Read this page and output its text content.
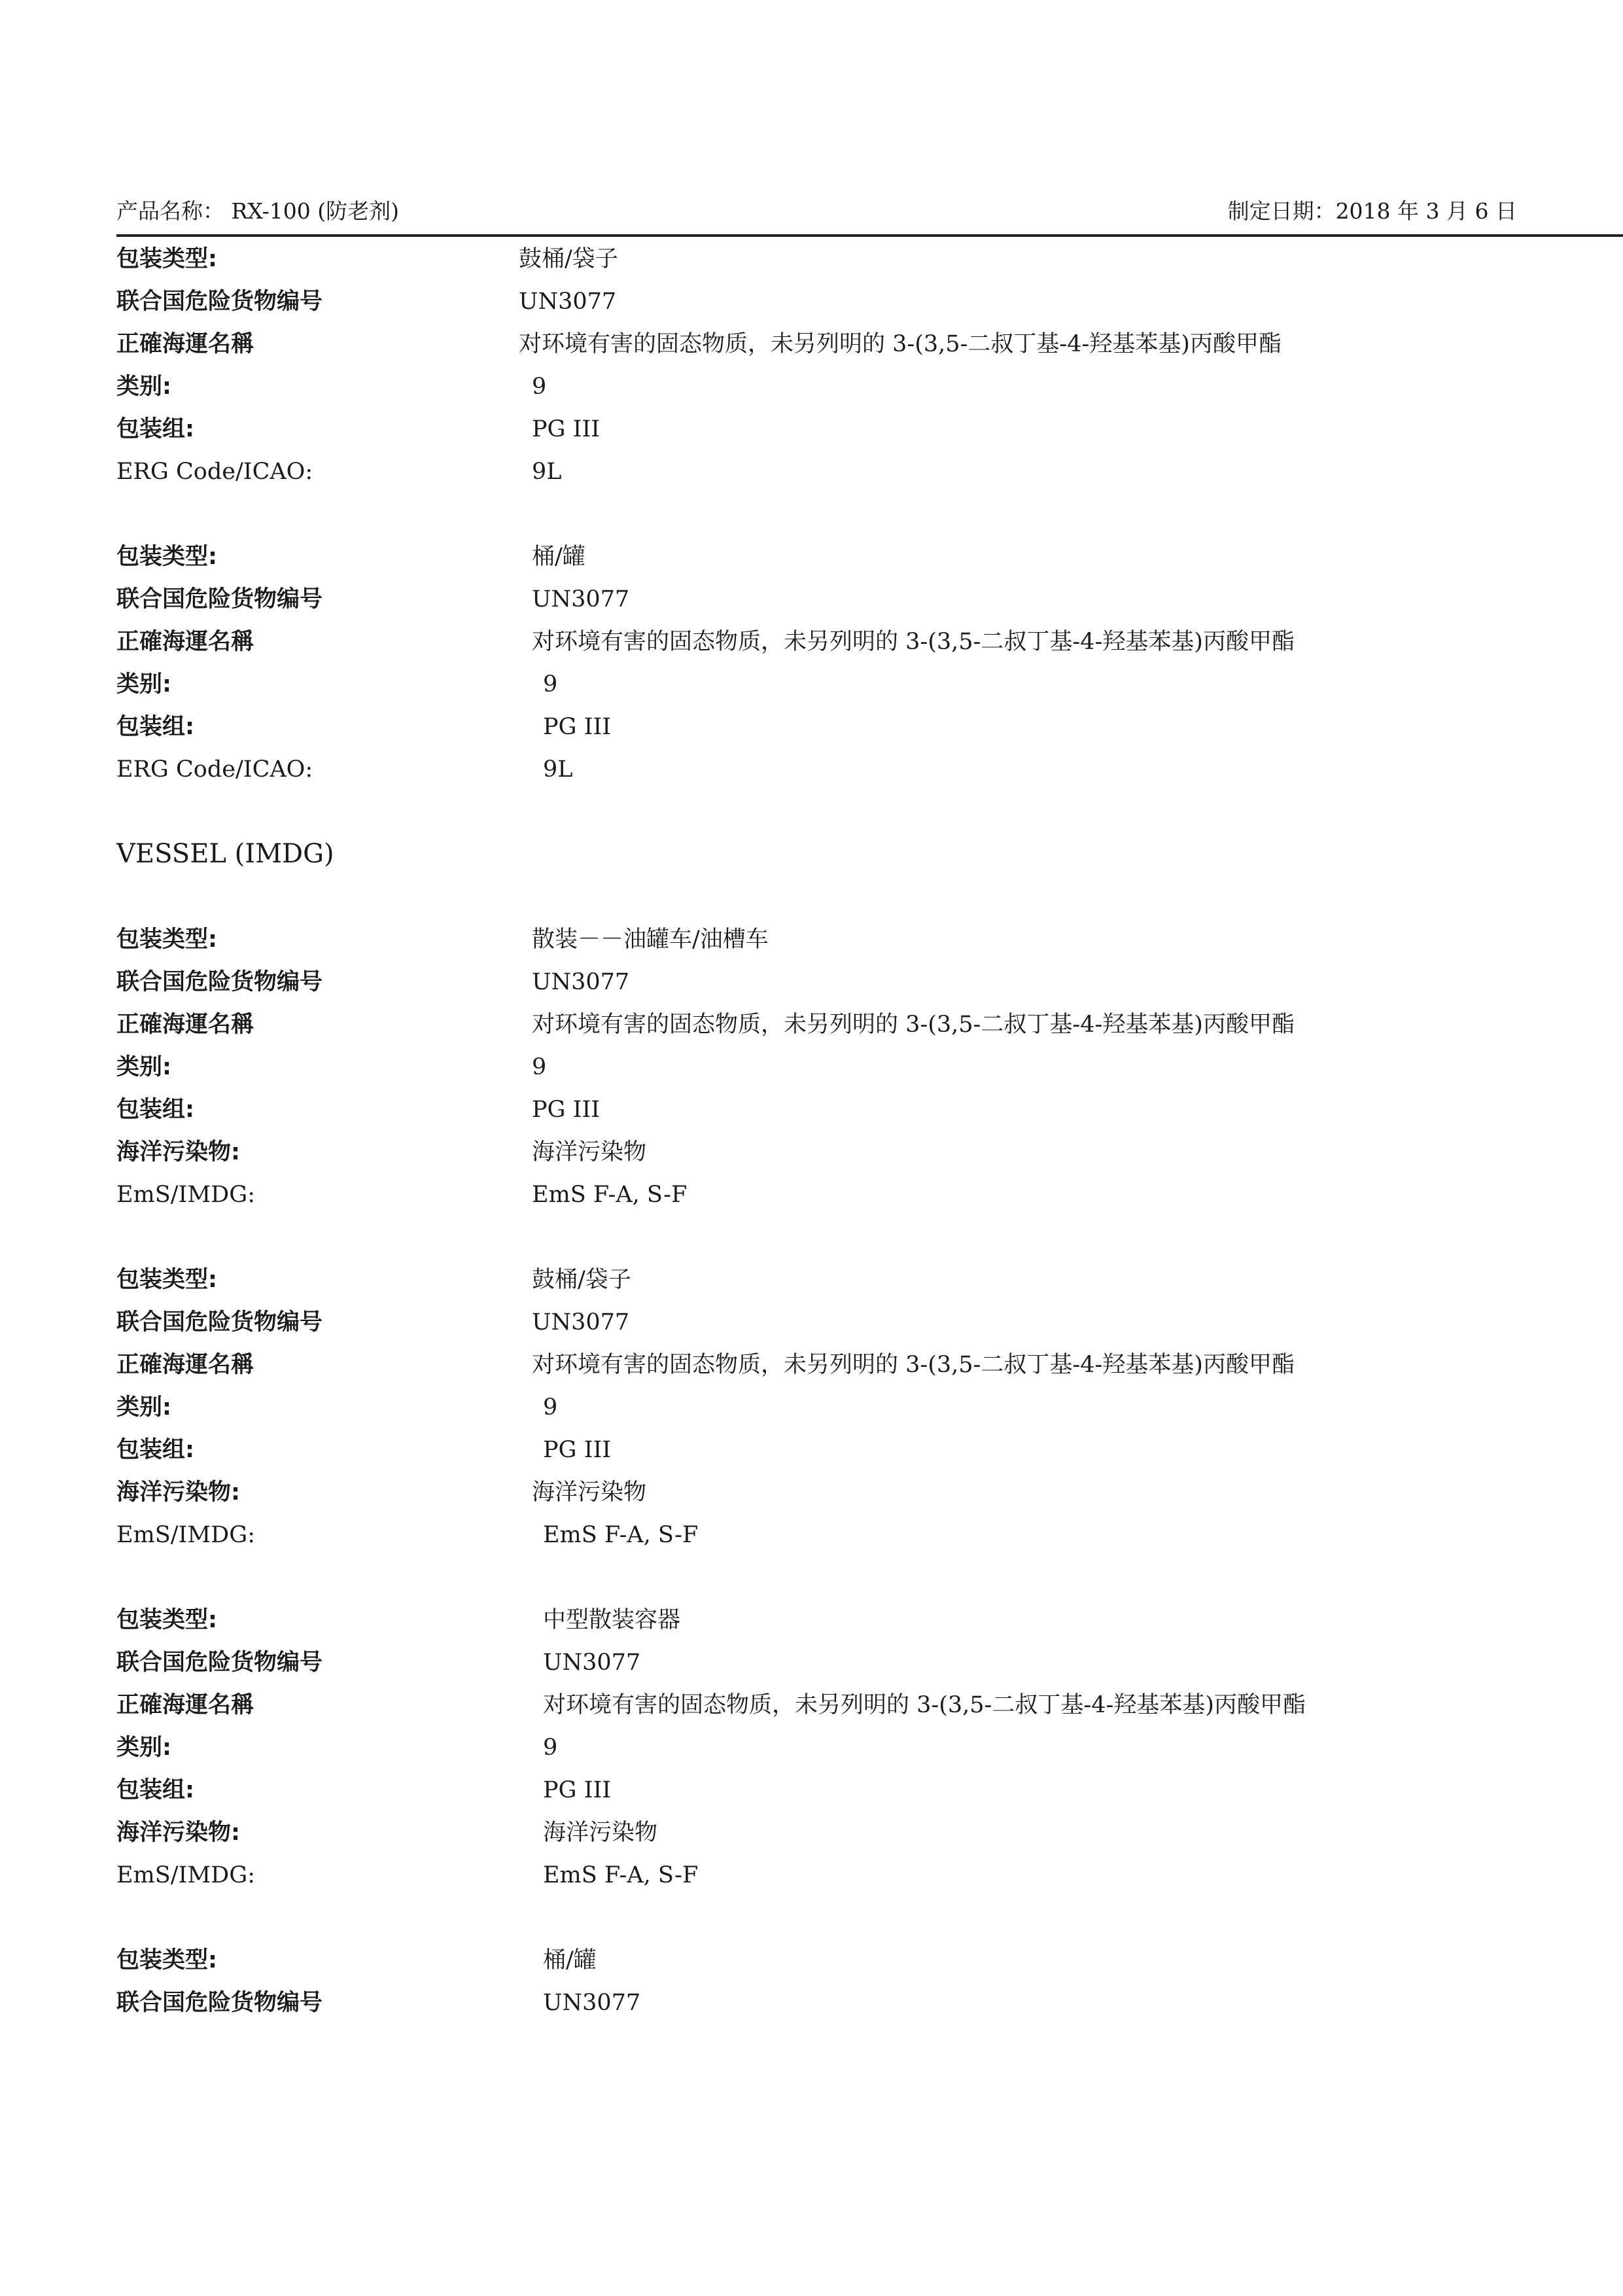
产品名称： RX-100 (防老剂)	制定日期：2018 年 3 月 6 日
包装类型:	鼓桶/袋子
联合国危险货物编号	UN3077
正確海運名稱	对环境有害的固态物质，未另列明的 3-(3,5-二叔丁基-4-羟基苯基)丙酸甲酯
类别:	9
包装组:	PG III
ERG Code/ICAO:	9L
包装类型:	桶/罐
联合国危险货物编号	UN3077
正確海運名稱	对环境有害的固态物质，未另列明的 3-(3,5-二叔丁基-4-羟基苯基)丙酸甲酯
类别:	9
包装组:	PG III
ERG Code/ICAO:	9L
VESSEL (IMDG)
包装类型:	散装－－油罐车/油槽车
联合国危险货物编号	UN3077
正確海運名稱	对环境有害的固态物质，未另列明的 3-(3,5-二叔丁基-4-羟基苯基)丙酸甲酯
类别:	9
包装组:	PG III
海洋污染物:	海洋污染物
EmS/IMDG:	EmS F-A, S-F
包装类型:	鼓桶/袋子
联合国危险货物编号	UN3077
正確海運名稱	对环境有害的固态物质，未另列明的 3-(3,5-二叔丁基-4-羟基苯基)丙酸甲酯
类别:	9
包装组:	PG III
海洋污染物:	海洋污染物
EmS/IMDG:	EmS F-A, S-F
包装类型:	中型散装容器
联合国危险货物编号	UN3077
正確海運名稱	对环境有害的固态物质，未另列明的 3-(3,5-二叔丁基-4-羟基苯基)丙酸甲酯
类别:	9
包装组:	PG III
海洋污染物:	海洋污染物
EmS/IMDG:	EmS F-A, S-F
包装类型:	桶/罐
联合国危险货物编号	UN3077
